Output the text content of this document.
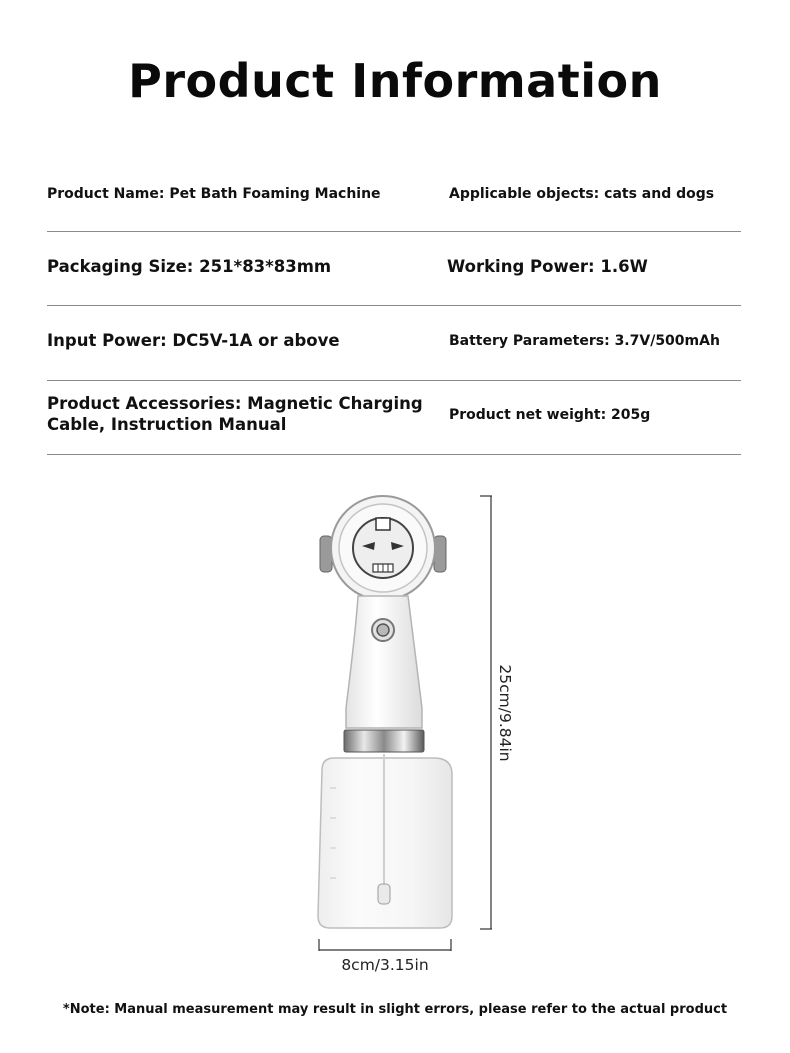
Product Information
Product Name: Pet Bath Foaming Machine	Applicable objects: cats and dogs
Packaging Size: 251*83*83mm	Working Power: 1.6W
Input Power: DC5V-1A or above	Battery Parameters: 3.7V/500mAh
Product Accessories: Magnetic Charging
Cable, Instruction Manual	Product net weight: 205g
25cm/9.84in
8cm/3.15in
*Note: Manual measurement may result in slight errors, please refer to the actual product
